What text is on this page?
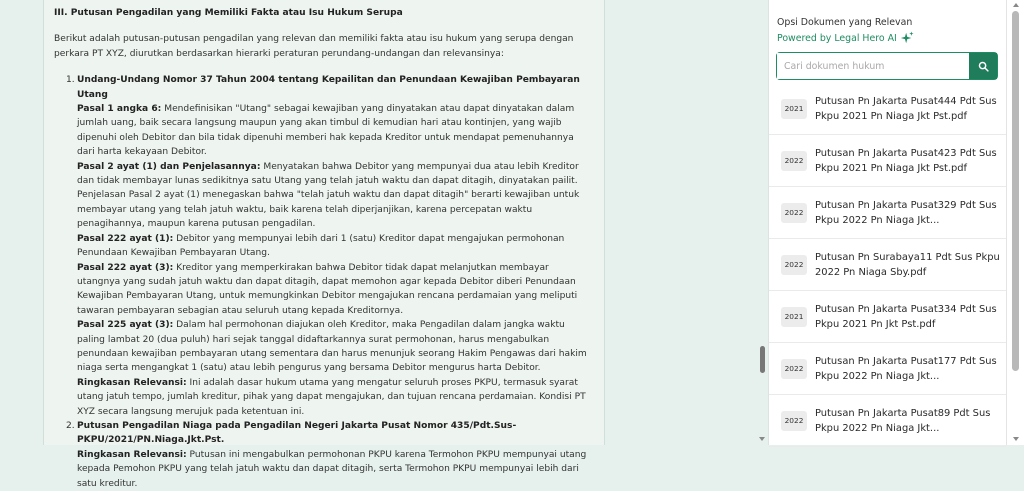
III. Putusan Pengadilan yang Memiliki Fakta atau Isu Hukum Serupa

Berikut adalah putusan-putusan pengadilan yang relevan dan memiliki fakta atau isu hukum yang serupa dengan perkara PT XYZ, diurutkan berdasarkan hierarki peraturan perundang-undangan dan relevansinya:

1. Undang-Undang Nomor 37 Tahun 2004 tentang Kepailitan dan Penundaan Kewajiban Pembayaran Utang

Pasal 1 angka 6: Mendefinisikan "Utang" sebagai kewajiban yang dinyatakan atau dapat dinyatakan dalam jumlah uang, baik secara langsung maupun yang akan timbul di kemudian hari atau kontinjen, yang wajib dipenuhi oleh Debitor dan bila tidak dipenuhi memberi hak kepada Kreditor untuk mendapat pemenuhannya dari harta kekayaan Debitor.

Pasal 2 ayat (1) dan Penjelasannya: Menyatakan bahwa Debitor yang mempunyai dua atau lebih Kreditor dan tidak membayar lunas sedikitnya satu Utang yang telah jatuh waktu dan dapat ditagih, dinyatakan pailit. Penjelasan Pasal 2 ayat (1) menegaskan bahwa "telah jatuh waktu dan dapat ditagih" berarti kewajiban untuk membayar utang yang telah jatuh waktu, baik karena telah diperjanjikan, karena percepatan waktu penagihannya, maupun karena putusan pengadilan.

Pasal 222 ayat (1): Debitor yang mempunyai lebih dari 1 (satu) Kreditor dapat mengajukan permohonan Penundaan Kewajiban Pembayaran Utang.

Pasal 222 ayat (3): Kreditor yang memperkirakan bahwa Debitor tidak dapat melanjutkan membayar utangnya yang sudah jatuh waktu dan dapat ditagih, dapat memohon agar kepada Debitor diberi Penundaan Kewajiban Pembayaran Utang, untuk memungkinkan Debitor mengajukan rencana perdamaian yang meliputi tawaran pembayaran sebagian atau seluruh utang kepada Kreditornya.

Pasal 225 ayat (3): Dalam hal permohonan diajukan oleh Kreditor, maka Pengadilan dalam jangka waktu paling lambat 20 (dua puluh) hari sejak tanggal didaftarkannya surat permohonan, harus mengabulkan penundaan kewajiban pembayaran utang sementara dan harus menunjuk seorang Hakim Pengawas dari hakim niaga serta mengangkat 1 (satu) atau lebih pengurus yang bersama Debitor mengurus harta Debitor.

Ringkasan Relevansi: Ini adalah dasar hukum utama yang mengatur seluruh proses PKPU, termasuk syarat utang jatuh tempo, jumlah kreditur, pihak yang dapat mengajukan, dan tujuan rencana perdamaian. Kondisi PT XYZ secara langsung merujuk pada ketentuan ini.

2. Putusan Pengadilan Niaga pada Pengadilan Negeri Jakarta Pusat Nomor 435/Pdt.Sus-PKPU/2021/PN.Niaga.Jkt.Pst.

Ringkasan Relevansi: Putusan ini mengabulkan permohonan PKPU karena Termohon PKPU mempunyai utang kepada Pemohon PKPU yang telah jatuh waktu dan dapat ditagih, serta Termohon PKPU mempunyai lebih dari satu kreditur.

Opsi Dokumen yang Relevan
Powered by Legal Hero AI
Cari dokumen hukum
2021
Putusan Pn Jakarta Pusat444 Pdt Sus Pkpu 2021 Pn Niaga Jkt Pst.pdf
2022
Putusan Pn Jakarta Pusat423 Pdt Sus Pkpu 2021 Pn Niaga Jkt Pst.pdf
2022
Putusan Pn Jakarta Pusat329 Pdt Sus Pkpu 2022 Pn Niaga Jkt...
2022
Putusan Pn Surabaya11 Pdt Sus Pkpu 2022 Pn Niaga Sby.pdf
2021
Putusan Pn Jakarta Pusat334 Pdt Sus Pkpu 2021 Pn Jkt Pst.pdf
2022
Putusan Pn Jakarta Pusat177 Pdt Sus Pkpu 2022 Pn Niaga Jkt...
2022
Putusan Pn Jakarta Pusat89 Pdt Sus Pkpu 2022 Pn Niaga Jkt...
